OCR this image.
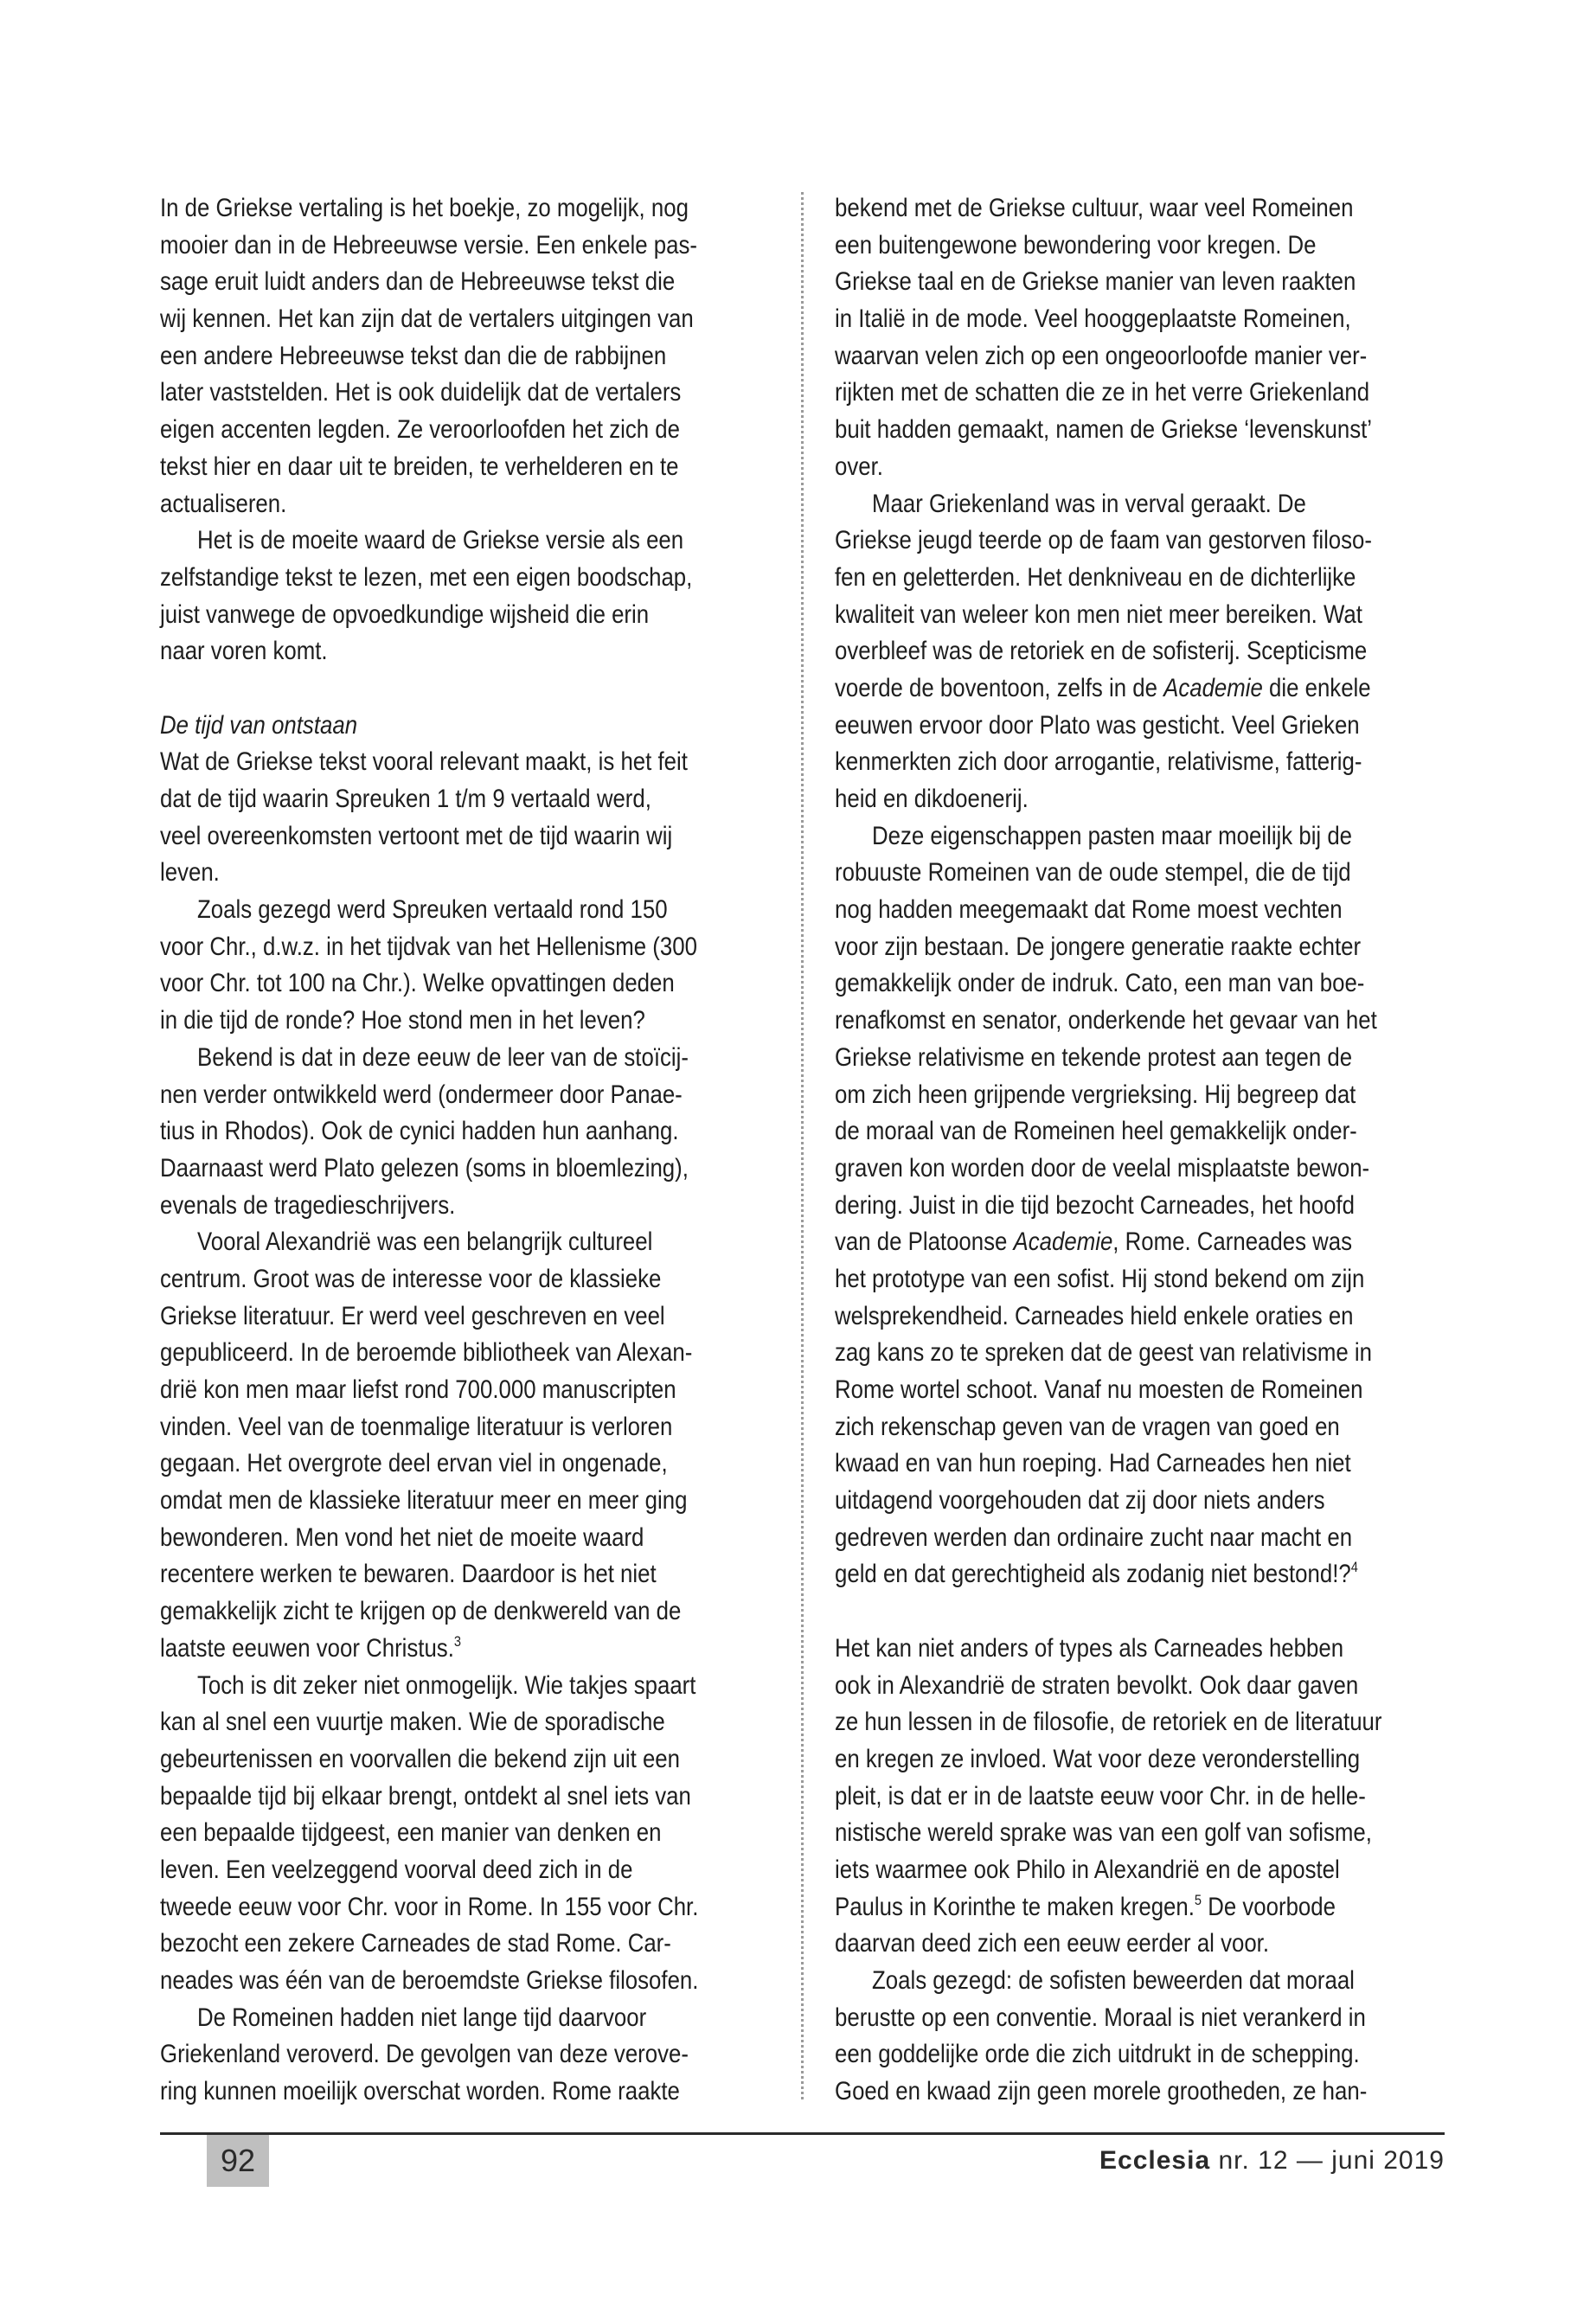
In de Griekse vertaling is het boekje, zo mogelijk, nog
mooier dan in de Hebreeuwse versie. Een enkele pas-
sage eruit luidt anders dan de Hebreeuwse tekst die
wij kennen. Het kan zijn dat de vertalers uitgingen van
een andere Hebreeuwse tekst dan die de rabbijnen
later vaststelden. Het is ook duidelijk dat de vertalers
eigen accenten legden. Ze veroorloofden het zich de
tekst hier en daar uit te breiden, te verhelderen en te
actualiseren.
Het is de moeite waard de Griekse versie als een
zelfstandige tekst te lezen, met een eigen boodschap,
juist vanwege de opvoedkundige wijsheid die erin
naar voren komt.
De tijd van ontstaan
Wat de Griekse tekst vooral relevant maakt, is het feit
dat de tijd waarin Spreuken 1 t/m 9 vertaald werd,
veel overeenkomsten vertoont met de tijd waarin wij
leven.
Zoals gezegd werd Spreuken vertaald rond 150
voor Chr., d.w.z. in het tijdvak van het Hellenisme (300
voor Chr. tot 100 na Chr.). Welke opvattingen deden
in die tijd de ronde? Hoe stond men in het leven?
Bekend is dat in deze eeuw de leer van de stoïcij-
nen verder ontwikkeld werd (ondermeer door Panae-
tius in Rhodos). Ook de cynici hadden hun aanhang.
Daarnaast werd Plato gelezen (soms in bloemlezing),
evenals de tragedieschrijvers.
Vooral Alexandrië was een belangrijk cultureel
centrum. Groot was de interesse voor de klassieke
Griekse literatuur. Er werd veel geschreven en veel
gepubliceerd. In de beroemde bibliotheek van Alexan-
drië kon men maar liefst rond 700.000 manuscripten
vinden. Veel van de toenmalige literatuur is verloren
gegaan. Het overgrote deel ervan viel in ongenade,
omdat men de klassieke literatuur meer en meer ging
bewonderen. Men vond het niet de moeite waard
recentere werken te bewaren. Daardoor is het niet
gemakkelijk zicht te krijgen op de denkwereld van de
laatste eeuwen voor Christus.$^3$
Toch is dit zeker niet onmogelijk. Wie takjes spaart
kan al snel een vuurtje maken. Wie de sporadische
gebeurtenissen en voorvallen die bekend zijn uit een
bepaalde tijd bij elkaar brengt, ontdekt al snel iets van
een bepaalde tijdgeest, een manier van denken en
leven. Een veelzeggend voorval deed zich in de
tweede eeuw voor Chr. voor in Rome. In 155 voor Chr.
bezocht een zekere Carneades de stad Rome. Car-
neades was één van de beroemdste Griekse filosofen.
De Romeinen hadden niet lange tijd daarvoor
Griekenland veroverd. De gevolgen van deze verove-
ring kunnen moeilijk overschat worden. Rome raakte
bekend met de Griekse cultuur, waar veel Romeinen
een buitengewone bewondering voor kregen. De
Griekse taal en de Griekse manier van leven raakten
in Italië in de mode. Veel hooggeplaatste Romeinen,
waarvan velen zich op een ongeoorloofde manier ver-
rijkten met de schatten die ze in het verre Griekenland
buit hadden gemaakt, namen de Griekse ‘levenskunst’
over.
Maar Griekenland was in verval geraakt. De
Griekse jeugd teerde op de faam van gestorven filoso-
fen en geletterden. Het denkniveau en de dichterlijke
kwaliteit van weleer kon men niet meer bereiken. Wat
overbleef was de retoriek en de sofisterij. Scepticisme
voerde de boventoon, zelfs in de Academie die enkele
eeuwen ervoor door Plato was gesticht. Veel Grieken
kenmerkten zich door arrogantie, relativisme, fatterig-
heid en dikdoenerij.
Deze eigenschappen pasten maar moeilijk bij de
robuuste Romeinen van de oude stempel, die de tijd
nog hadden meegemaakt dat Rome moest vechten
voor zijn bestaan. De jongere generatie raakte echter
gemakkelijk onder de indruk. Cato, een man van boe-
renafkomst en senator, onderkende het gevaar van het
Griekse relativisme en tekende protest aan tegen de
om zich heen grijpende vergrieksing. Hij begreep dat
de moraal van de Romeinen heel gemakkelijk onder-
graven kon worden door de veelal misplaatste bewon-
dering. Juist in die tijd bezocht Carneades, het hoofd
van de Platoonse Academie, Rome. Carneades was
het prototype van een sofist. Hij stond bekend om zijn
welsprekendheid. Carneades hield enkele oraties en
zag kans zo te spreken dat de geest van relativisme in
Rome wortel schoot. Vanaf nu moesten de Romeinen
zich rekenschap geven van de vragen van goed en
kwaad en van hun roeping. Had Carneades hen niet
uitdagend voorgehouden dat zij door niets anders
gedreven werden dan ordinaire zucht naar macht en
geld en dat gerechtigheid als zodanig niet bestond!?$^4$
Het kan niet anders of types als Carneades hebben
ook in Alexandrië de straten bevolkt. Ook daar gaven
ze hun lessen in de filosofie, de retoriek en de literatuur
en kregen ze invloed. Wat voor deze veronderstelling
pleit, is dat er in de laatste eeuw voor Chr. in de helle-
nistische wereld sprake was van een golf van sofisme,
iets waarmee ook Philo in Alexandrië en de apostel
Paulus in Korinthe te maken kregen.$^5$ De voorbode
daarvan deed zich een eeuw eerder al voor.
Zoals gezegd: de sofisten beweerden dat moraal
berustte op een conventie. Moraal is niet verankerd in
een goddelijke orde die zich uitdrukt in de schepping.
Goed en kwaad zijn geen morele grootheden, ze han-
92	Ecclesia nr. 12 — juni 2019
